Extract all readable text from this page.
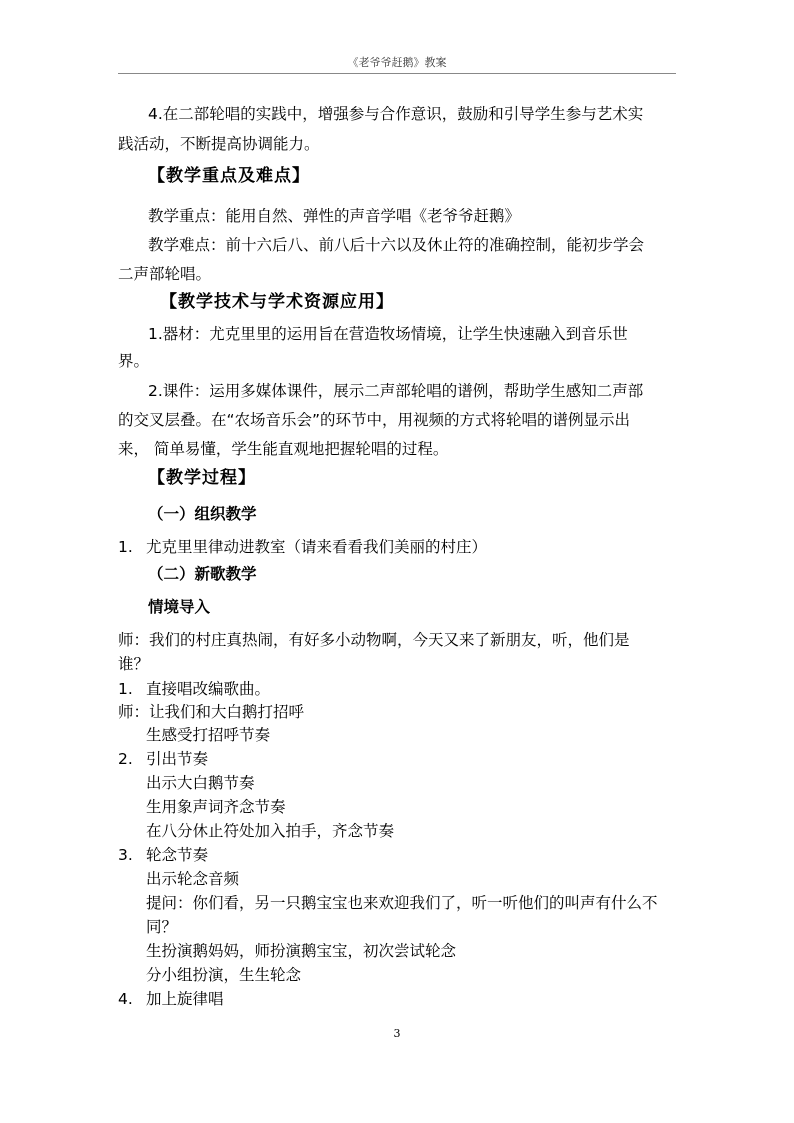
《老爷爷赶鹅》教案
4.在二部轮唱的实践中，增强参与合作意识，鼓励和引导学生参与艺术实
践活动，不断提高协调能力。
【教学重点及难点】
教学重点：能用自然、弹性的声音学唱《老爷爷赶鹅》
教学难点：前十六后八、前八后十六以及休止符的准确控制，能初步学会
二声部轮唱。
【教学技术与学术资源应用】
1.器材：尤克里里的运用旨在营造牧场情境，让学生快速融入到音乐世
界。
2.课件：运用多媒体课件，展示二声部轮唱的谱例，帮助学生感知二声部
的交叉层叠。在“农场音乐会”的环节中，用视频的方式将轮唱的谱例显示出
来， 简单易懂，学生能直观地把握轮唱的过程。
【教学过程】
（一）组织教学
1. 尤克里里律动进教室（请来看看我们美丽的村庄）
（二）新歌教学
情境导入
师：我们的村庄真热闹，有好多小动物啊，今天又来了新朋友，听，他们是
谁？
1. 直接唱改编歌曲。
师：让我们和大白鹅打招呼
生感受打招呼节奏
2. 引出节奏
出示大白鹅节奏
生用象声词齐念节奏
在八分休止符处加入拍手，齐念节奏
3. 轮念节奏
出示轮念音频
提问：你们看，另一只鹅宝宝也来欢迎我们了，听一听他们的叫声有什么不
同？
生扮演鹅妈妈，师扮演鹅宝宝，初次尝试轮念
分小组扮演，生生轮念
4. 加上旋律唱
3
